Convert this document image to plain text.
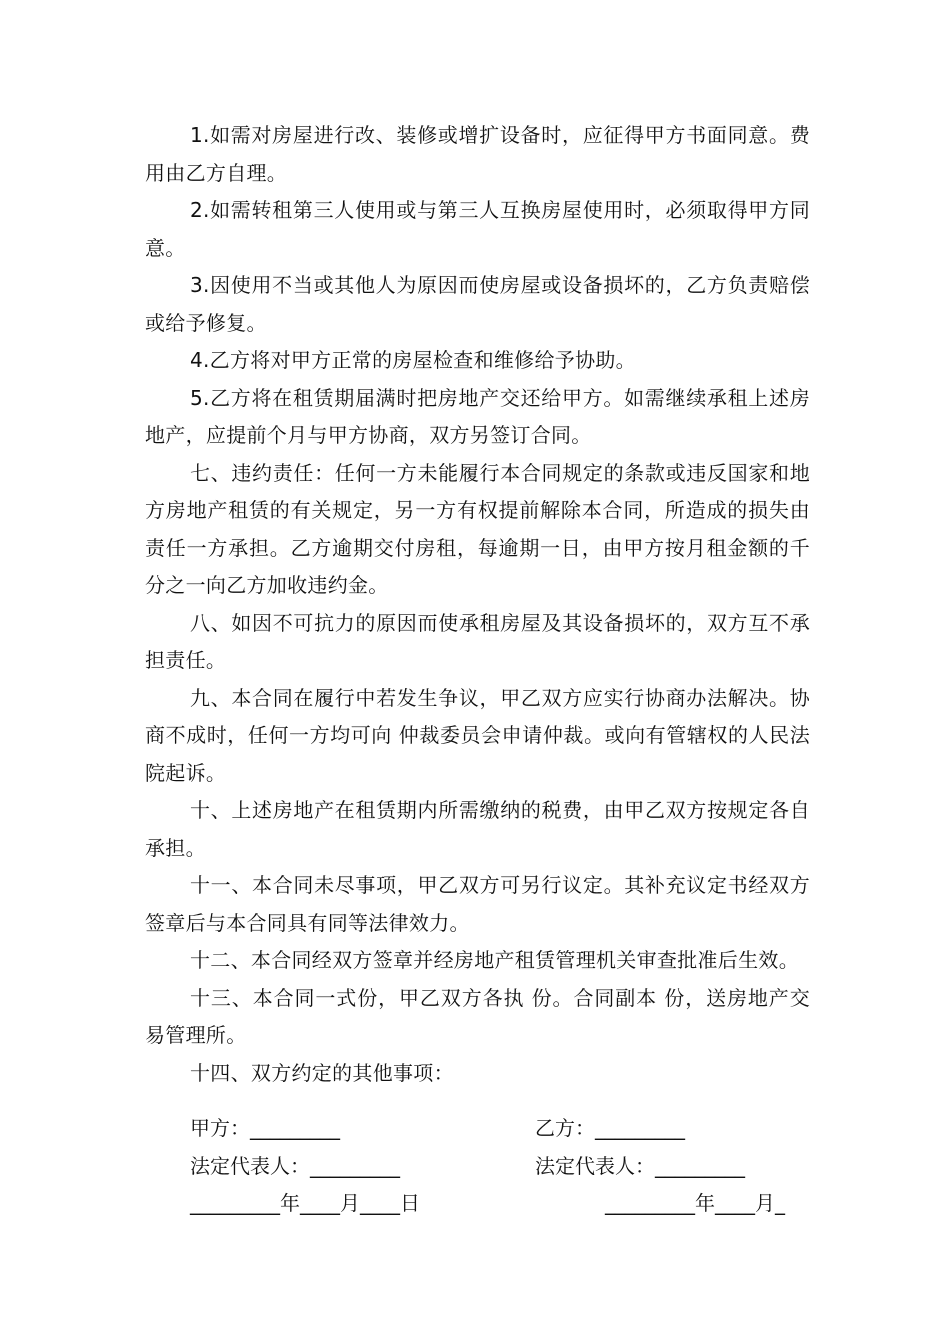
1.如需对房屋进行改、装修或增扩设备时，应征得甲方书面同意。费用由乙方自理。

2.如需转租第三人使用或与第三人互换房屋使用时，必须取得甲方同意。

3.因使用不当或其他人为原因而使房屋或设备损坏的，乙方负责赔偿或给予修复。

4.乙方将对甲方正常的房屋检查和维修给予协助。

5.乙方将在租赁期届满时把房地产交还给甲方。如需继续承租上述房地产，应提前个月与甲方协商，双方另签订合同。

七、违约责任：任何一方未能履行本合同规定的条款或违反国家和地方房地产租赁的有关规定，另一方有权提前解除本合同，所造成的损失由责任一方承担。乙方逾期交付房租，每逾期一日，由甲方按月租金额的千分之一向乙方加收违约金。

八、如因不可抗力的原因而使承租房屋及其设备损坏的，双方互不承担责任。

九、本合同在履行中若发生争议，甲乙双方应实行协商办法解决。协商不成时，任何一方均可向 仲裁委员会申请仲裁。或向有管辖权的人民法院起诉。

十、上述房地产在租赁期内所需缴纳的税费，由甲乙双方按规定各自承担。

十一、本合同未尽事项，甲乙双方可另行议定。其补充议定书经双方签章后与本合同具有同等法律效力。

十二、本合同经双方签章并经房地产租赁管理机关审查批准后生效。

十三、本合同一式份，甲乙双方各执 份。合同副本 份，送房地产交易管理所。

十四、双方约定的其他事项：

甲方：_________	乙方：_________
法定代表人：_________	法定代表人：_________
_________年____月____日	_________年____月_
